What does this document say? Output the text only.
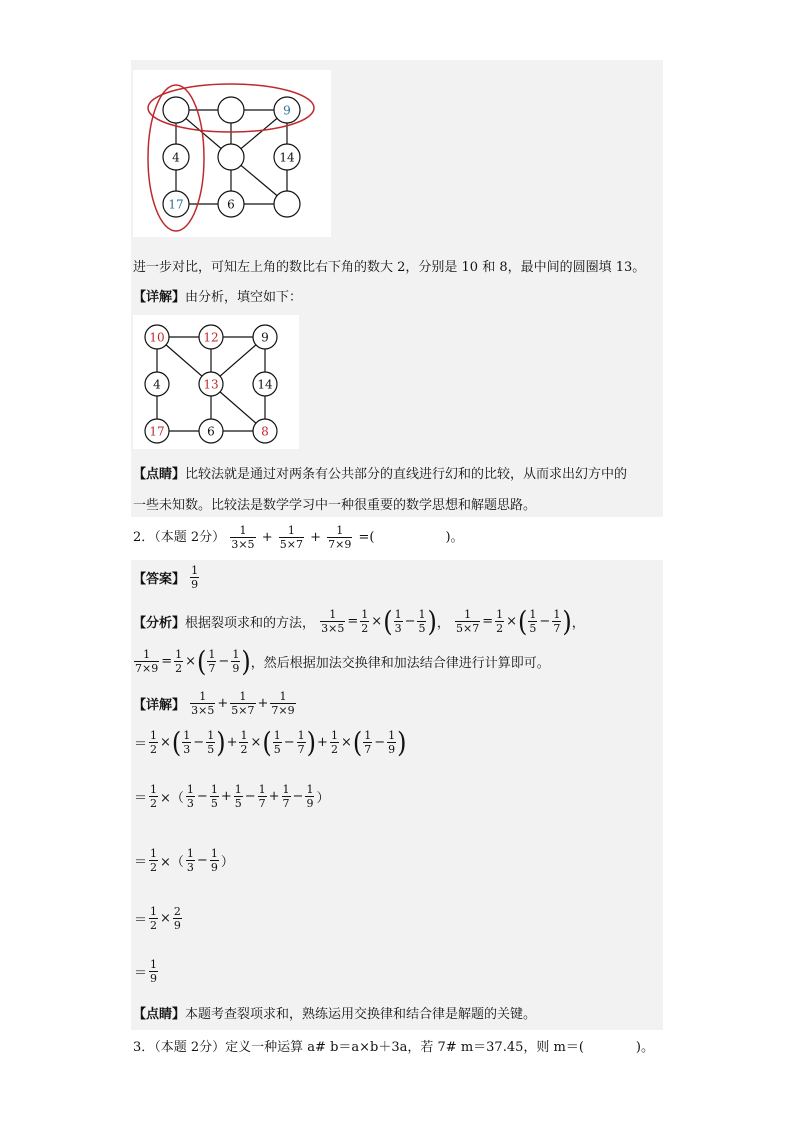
9
4	14
17	6
进一步对比，可知左上角的数比右下角的数大 2，分别是 10 和 8，最中间的圆圈填 13。
【详解】由分析，填空如下：
10	12	9
4	13	14
17	6	8
【点睛】比较法就是通过对两条有公共部分的直线进行幻和的比较，从而求出幻方中的
一些未知数。比较法是数学学习中一种很重要的数学思想和解题思路。
2．（本题 2分） $\frac{1}{3\times 5} + \frac{1}{5\times 7} + \frac{1}{7\times 9}$ =(	)。
【答案】 $\frac{1}{9}$
【分析】根据裂项求和的方法， $\frac{1}{3\times 5} = \frac{1}{2}$ ×( $\frac{1}{3} - \frac{1}{5}$ )， $\frac{1}{5\times 7} = \frac{1}{2}$ ×( $\frac{1}{5} - \frac{1}{7}$ )，
$\frac{1}{7\times 9} = \frac{1}{2}$ ×( $\frac{1}{7} - \frac{1}{9}$ )，然后根据加法交换律和加法结合律进行计算即可。
【详解】 $\frac{1}{3\times 5} + \frac{1}{5\times 7} + \frac{1}{7\times 9}$
＝ $\frac{1}{2}$ ×( $\frac{1}{3} - \frac{1}{5}$ )+ $\frac{1}{2}$ ×( $\frac{1}{5} - \frac{1}{7}$ )+ $\frac{1}{2}$ ×( $\frac{1}{7} - \frac{1}{9}$ )
＝ $\frac{1}{2}$ ×（ $\frac{1}{3} - \frac{1}{5} + \frac{1}{5} - \frac{1}{7} + \frac{1}{7} - \frac{1}{9}$ ）
＝ $\frac{1}{2}$ ×（ $\frac{1}{3} - \frac{1}{9}$ ）
＝ $\frac{1}{2} \times \frac{2}{9}$
＝ $\frac{1}{9}$
【点睛】本题考查裂项求和，熟练运用交换律和结合律是解题的关键。
3．（本题 2分）定义一种运算 a# b＝a×b＋3a，若 7# m＝37.45，则 m＝(　　　　)。
